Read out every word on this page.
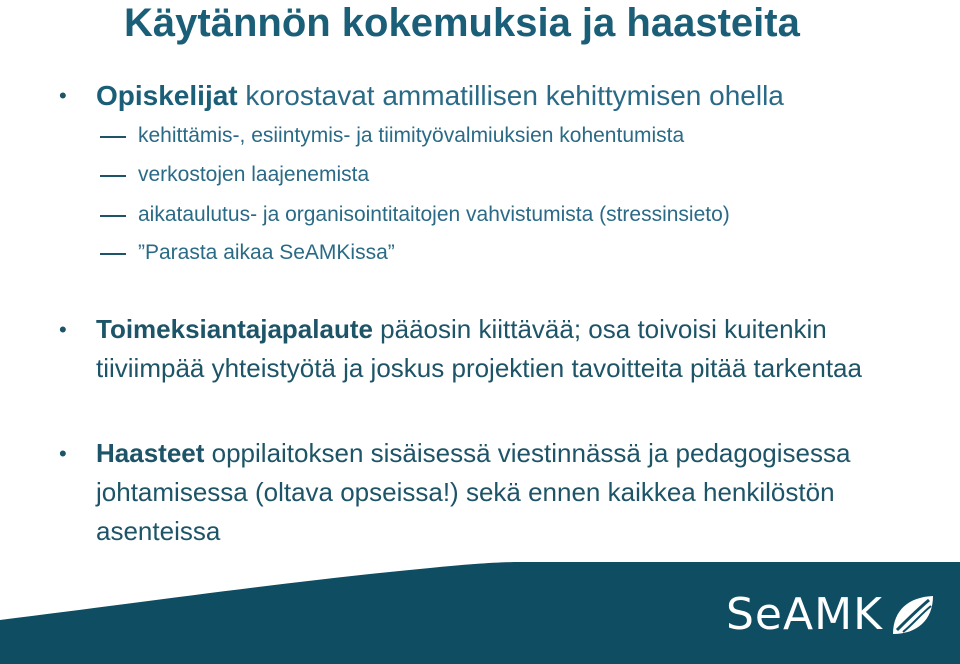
Käytännön kokemuksia ja haasteita
• Opiskelijat korostavat ammatillisen kehittymisen ohella
kehittämis-, esiintymis- ja tiimityövalmiuksien kohentumista
verkostojen laajenemista
aikataulutus- ja organisointitaitojen vahvistumista (stressinsieto)
”Parasta aikaa SeAMKissa”
• Toimeksiantajapalaute pääosin kiittävää; osa toivoisi kuitenkin tiiviimpää yhteistyötä ja joskus projektien tavoitteita pitää tarkentaa
• Haasteet oppilaitoksen sisäisessä viestinnässä ja pedagogisessa johtamisessa (oltava opseissa!) sekä ennen kaikkea henkilöstön asenteissa
SeAMK
